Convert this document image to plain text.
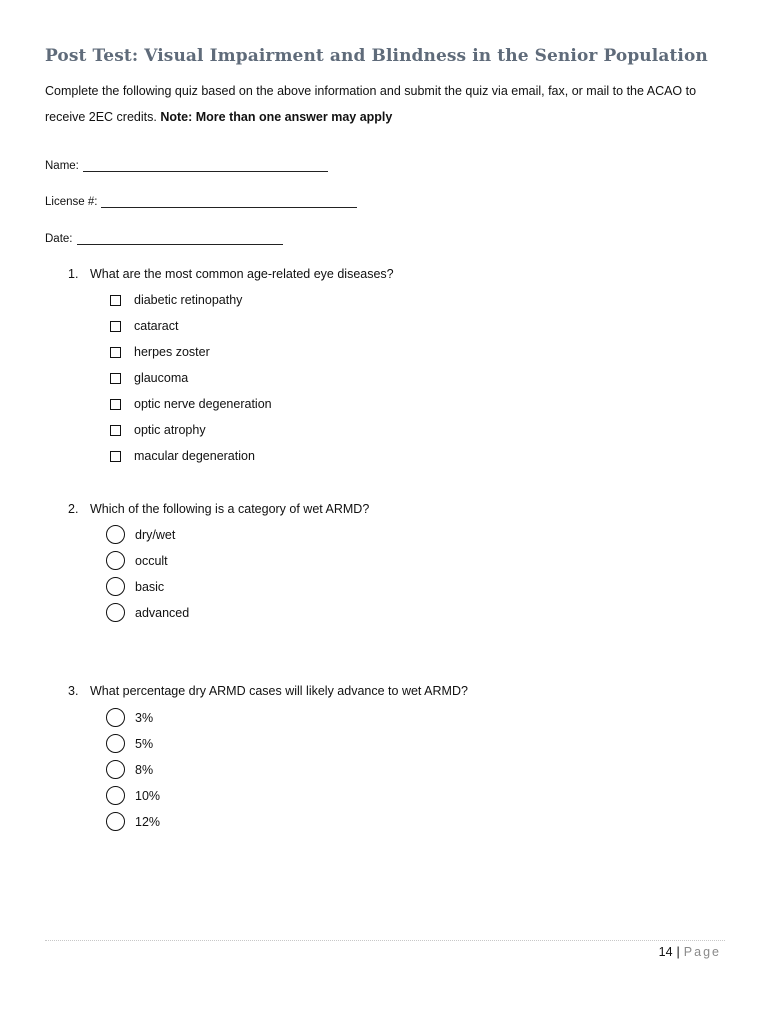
Post Test: Visual Impairment and Blindness in the Senior Population
Complete the following quiz based on the above information and submit the quiz via email, fax, or mail to the ACAO to receive 2EC credits. Note: More than one answer may apply
Name:
License #:
Date:
1. What are the most common age-related eye diseases?
diabetic retinopathy
cataract
herpes zoster
glaucoma
optic nerve degeneration
optic atrophy
macular degeneration
2. Which of the following is a category of wet ARMD?
dry/wet
occult
basic
advanced
3. What percentage dry ARMD cases will likely advance to wet ARMD?
3%
5%
8%
10%
12%
14 | Page
